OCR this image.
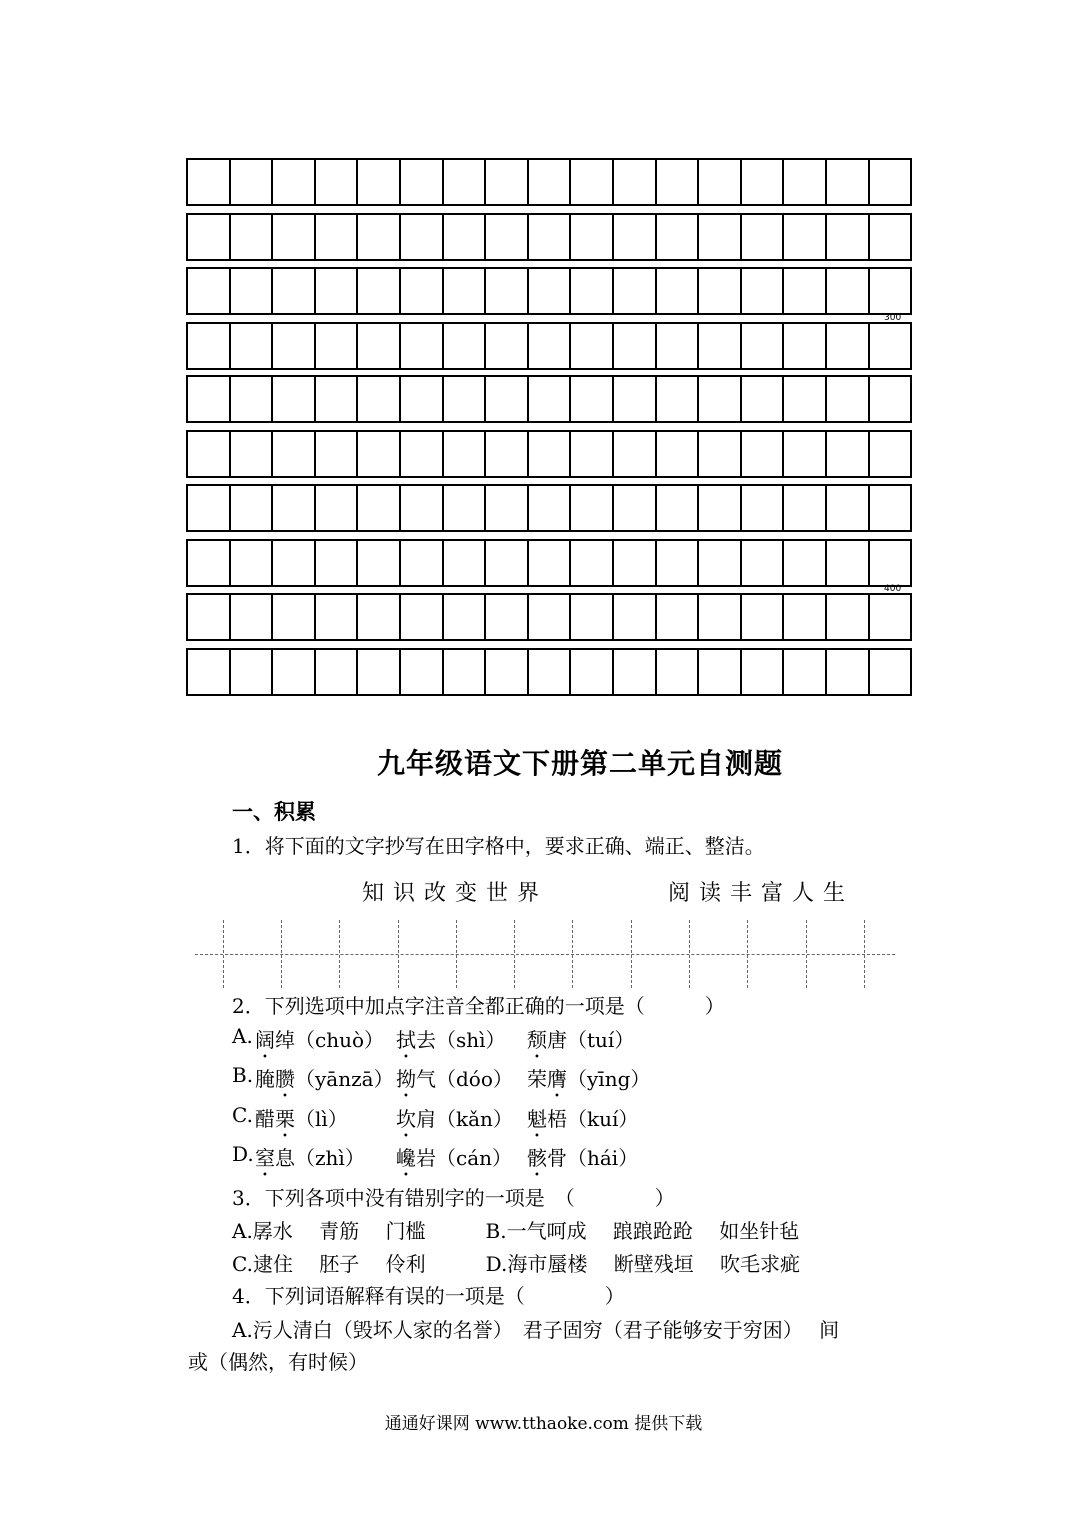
300
400
九年级语文下册第二单元自测题
一、积累
1．将下面的文字抄写在田字格中，要求正确、端正、整洁。
知识改变世界	阅读丰富人生
2．下列选项中加点字注音全都正确的一项是（　　　）
A. 阔绰（chuò） 拭去（shì） 颓唐（tuí）
B. 腌臜（yānzā） 拗气（dóo） 荣膺（yīng）
C. 醋栗（lì） 坎肩（kǎn） 魁梧（kuí）
D. 窒息（zhì） 巉岩（cán） 骸骨（hái）
3．下列各项中没有错别字的一项是　（　　　　）
A.孱水　 青筋　 门槛　　　B.一气呵成　 踉踉跄跄　 如坐针毡
C.逮住　 胚子　 伶利　　　D.海市蜃楼　 断壁残垣　 吹毛求疵
4．下列词语解释有误的一项是（　　　　）
A.污人清白（毁坏人家的名誉）　君子固穷（君子能够安于穷困）　 间
或（偶然，有时候）
通通好课网 www.tthaoke.com 提供下载
